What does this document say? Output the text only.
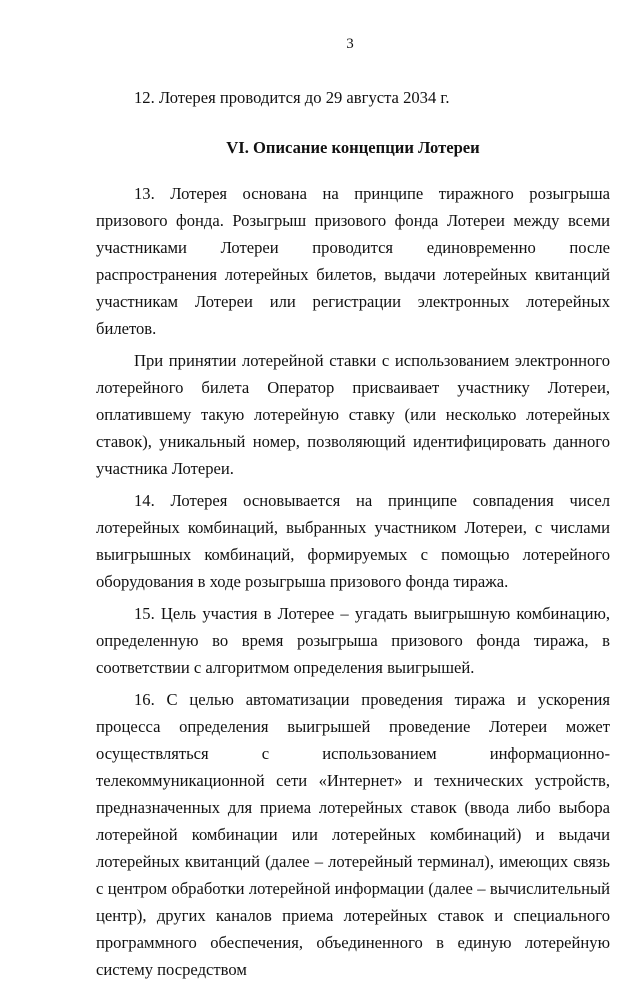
3

12. Лотерея проводится до 29 августа 2034 г.

VI. Описание концепции Лотереи

13. Лотерея основана на принципе тиражного розыгрыша призового фонда. Розыгрыш призового фонда Лотереи между всеми участниками Лотереи проводится единовременно после распространения лотерейных билетов, выдачи лотерейных квитанций участникам Лотереи или регистрации электронных лотерейных билетов.

При принятии лотерейной ставки с использованием электронного лотерейного билета Оператор присваивает участнику Лотереи, оплатившему такую лотерейную ставку (или несколько лотерейных ставок), уникальный номер, позволяющий идентифицировать данного участника Лотереи.

14. Лотерея основывается на принципе совпадения чисел лотерейных комбинаций, выбранных участником Лотереи, с числами выигрышных комбинаций, формируемых с помощью лотерейного оборудования в ходе розыгрыша призового фонда тиража.

15. Цель участия в Лотерее – угадать выигрышную комбинацию, определенную во время розыгрыша призового фонда тиража, в соответствии с алгоритмом определения выигрышей.

16. С целью автоматизации проведения тиража и ускорения процесса определения выигрышей проведение Лотереи может осуществляться с использованием информационно-телекоммуникационной сети «Интернет» и технических устройств, предназначенных для приема лотерейных ставок (ввода либо выбора лотерейной комбинации или лотерейных комбинаций) и выдачи лотерейных квитанций (далее – лотерейный терминал), имеющих связь с центром обработки лотерейной информации (далее – вычислительный центр), других каналов приема лотерейных ставок и специального программного обеспечения, объединенного в единую лотерейную систему посредством
